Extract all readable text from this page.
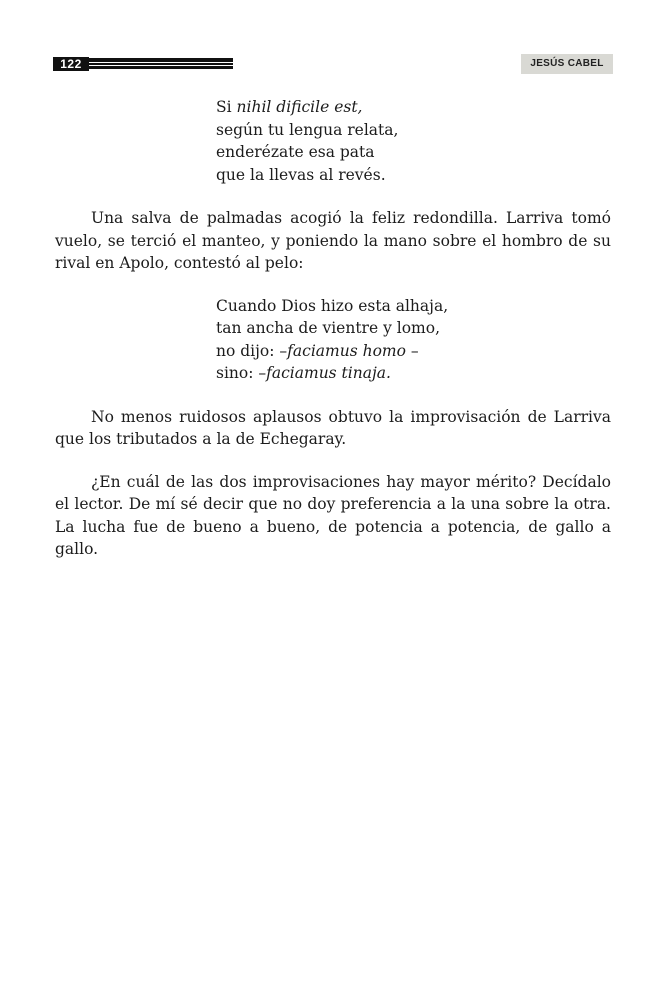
122	JESÚS CABEL
Si nihil dificile est,
según tu lengua relata,
enderézate esa pata
que la llevas al revés.

Una salva de palmadas acogió la feliz redondilla. Larriva tomó vuelo, se terció el manteo, y poniendo la mano sobre el hombro de su rival en Apolo, contestó al pelo:

Cuando Dios hizo esta alhaja,
tan ancha de vientre y lomo,
no dijo: –faciamus homo –
sino: –faciamus tinaja.

No menos ruidosos aplausos obtuvo la improvisación de Larriva que los tributados a la de Echegaray.

¿En cuál de las dos improvisaciones hay mayor mérito? Decídalo el lector. De mí sé decir que no doy preferencia a la una sobre la otra. La lucha fue de bueno a bueno, de potencia a potencia, de gallo a gallo.
